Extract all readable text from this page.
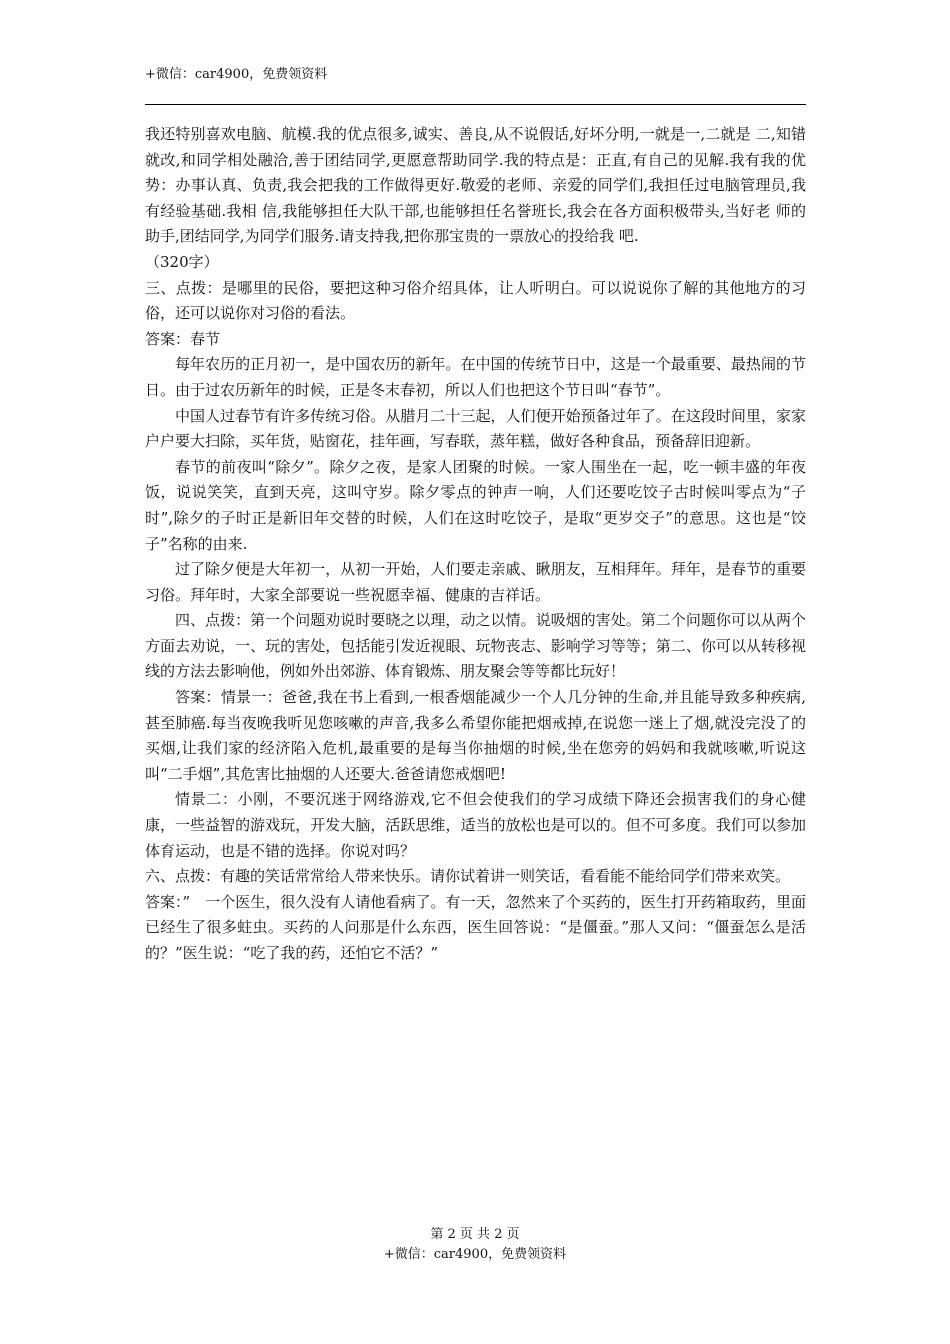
+微信：car4900，免费领资料

我还特别喜欢电脑、航模.我的优点很多,诚实、善良,从不说假话,好坏分明,一就是一,二就是 二,知错就改,和同学相处融洽,善于团结同学,更愿意帮助同学.我的特点是：正直,有自己的见解.我有我的优势：办事认真、负责,我会把我的工作做得更好.敬爱的老师、亲爱的同学们,我担任过电脑管理员,我有经验基础.我相 信,我能够担任大队干部,也能够担任名誉班长,我会在各方面积极带头,当好老 师的助手,团结同学,为同学们服务.请支持我,把你那宝贵的一票放心的投给我 吧.

（320字）

三、点拨：是哪里的民俗，要把这种习俗介绍具体，让人听明白。可以说说你了解的其他地方的习俗，还可以说你对习俗的看法。

答案：春节

每年农历的正月初一，是中国农历的新年。在中国的传统节日中，这是一个最重要、最热闹的节日。由于过农历新年的时候，正是冬末春初，所以人们也把这个节日叫“春节”。

中国人过春节有许多传统习俗。从腊月二十三起，人们便开始预备过年了。在这段时间里，家家户户要大扫除，买年货，贴窗花，挂年画，写春联，蒸年糕，做好各种食品，预备辞旧迎新。

春节的前夜叫“除夕”。除夕之夜，是家人团聚的时候。一家人围坐在一起，吃一顿丰盛的年夜饭，说说笑笑，直到天亮，这叫守岁。除夕零点的钟声一响，人们还要吃饺子古时候叫零点为“子时”,除夕的子时正是新旧年交替的时候，人们在这时吃饺子，是取“更岁交子”的意思。这也是“饺子”名称的由来.

过了除夕便是大年初一，从初一开始，人们要走亲戚、瞅朋友，互相拜年。拜年，是春节的重要习俗。拜年时，大家全部要说一些祝愿幸福、健康的吉祥话。

四、点拨：第一个问题劝说时要晓之以理，动之以情。说吸烟的害处。第二个问题你可以从两个方面去劝说，一、玩的害处，包括能引发近视眼、玩物丧志、影响学习等等；第二、你可以从转移视线的方法去影响他，例如外出郊游、体育锻炼、朋友聚会等等都比玩好！

答案：情景一：爸爸,我在书上看到,一根香烟能减少一个人几分钟的生命,并且能导致多种疾病,甚至肺癌.每当夜晚我听见您咳嗽的声音,我多么希望你能把烟戒掉,在说您一迷上了烟,就没完没了的买烟,让我们家的经济陷入危机,最重要的是每当你抽烟的时候,坐在您旁的妈妈和我就咳嗽,听说这叫“二手烟”,其危害比抽烟的人还要大.爸爸请您戒烟吧!

情景二：小刚，不要沉迷于网络游戏,它不但会使我们的学习成绩下降还会损害我们的身心健康，一些益智的游戏玩，开发大脑，活跃思维，适当的放松也是可以的。但不可多度。我们可以参加体育运动，也是不错的选择。你说对吗？

六、点拨：有趣的笑话常常给人带来快乐。请你试着讲一则笑话，看看能不能给同学们带来欢笑。

答案：”　一个医生，很久没有人请他看病了。有一天，忽然来了个买药的，医生打开药箱取药，里面已经生了很多蛀虫。买药的人问那是什么东西，医生回答说：“是僵蚕。”那人又问：“僵蚕怎么是活的？”医生说：“吃了我的药，还怕它不活？”

第 2 页 共 2 页
+微信：car4900，免费领资料
